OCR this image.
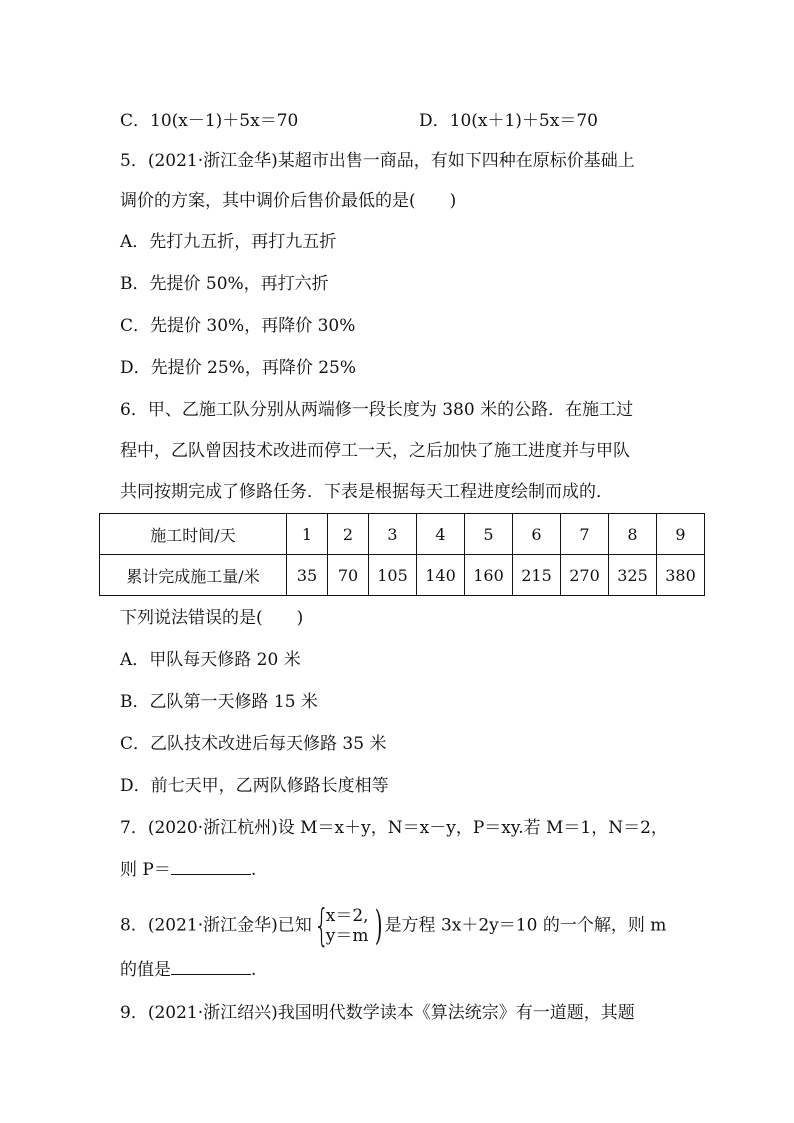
C．10(x－1)＋5x＝70	D．10(x＋1)＋5x＝70
5．(2021·浙江金华)某超市出售一商品，有如下四种在原标价基础上
调价的方案，其中调价后售价最低的是(　　)
A．先打九五折，再打九五折
B．先提价 50%，再打六折
C．先提价 30%，再降价 30%
D．先提价 25%，再降价 25%
6．甲、乙施工队分别从两端修一段长度为 380 米的公路．在施工过
程中，乙队曾因技术改进而停工一天，之后加快了施工进度并与甲队
共同按期完成了修路任务．下表是根据每天工程进度绘制而成的．
施工时间/天	1	2	3	4	5	6	7	8	9
累计完成施工量/米	35	70	105	140	160	215	270	325	380
下列说法错误的是(　　)
A．甲队每天修路 20 米
B．乙队第一天修路 15 米
C．乙队技术改进后每天修路 35 米
D．前七天甲，乙两队修路长度相等
7．(2020·浙江杭州)设 M＝x＋y，N＝x－y，P＝xy.若 M＝1，N＝2，
则 P＝	.
8．(2021·浙江金华)已知 {
x＝2,
y＝m ) 是方程 3x＋2y＝10 的一个解，则 m
的值是	.
9．(2021·浙江绍兴)我国明代数学读本《算法统宗》有一道题，其题
